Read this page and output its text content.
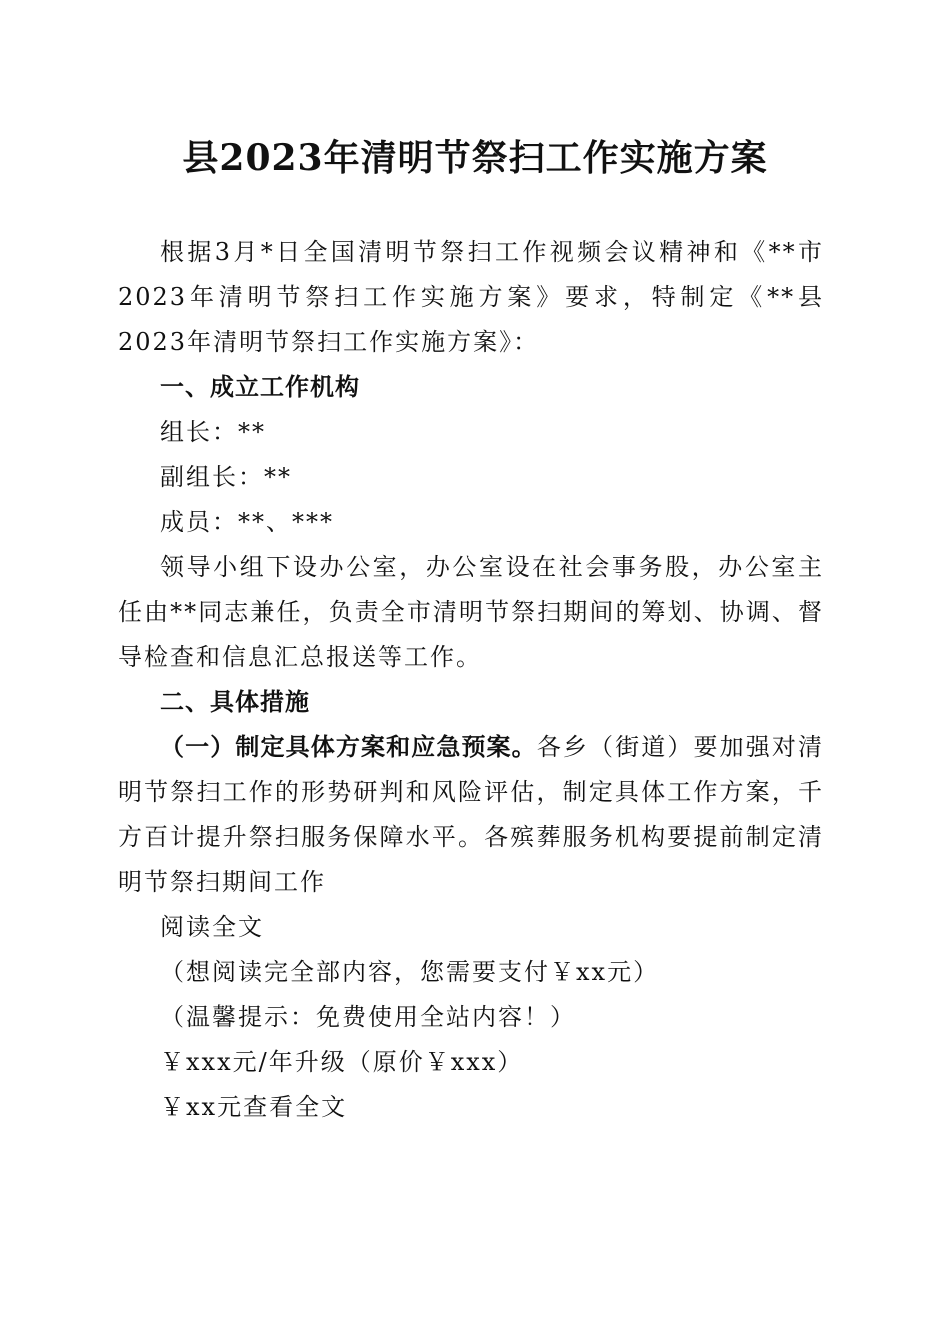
县2023年清明节祭扫工作实施方案

根据3月*日全国清明节祭扫工作视频会议精神和《**市2023年清明节祭扫工作实施方案》要求，特制定《**县2023年清明节祭扫工作实施方案》：

一、成立工作机构

组长：**

副组长：**

成员：**、***

领导小组下设办公室，办公室设在社会事务股，办公室主任由**同志兼任，负责全市清明节祭扫期间的筹划、协调、督导检查和信息汇总报送等工作。

二、具体措施

（一）制定具体方案和应急预案。各乡（街道）要加强对清明节祭扫工作的形势研判和风险评估，制定具体工作方案，千方百计提升祭扫服务保障水平。各殡葬服务机构要提前制定清明节祭扫期间工作

阅读全文

（想阅读完全部内容，您需要支付￥xx元）

（温馨提示：免费使用全站内容！）

￥xxx元/年升级（原价￥xxx）

￥xx元查看全文
